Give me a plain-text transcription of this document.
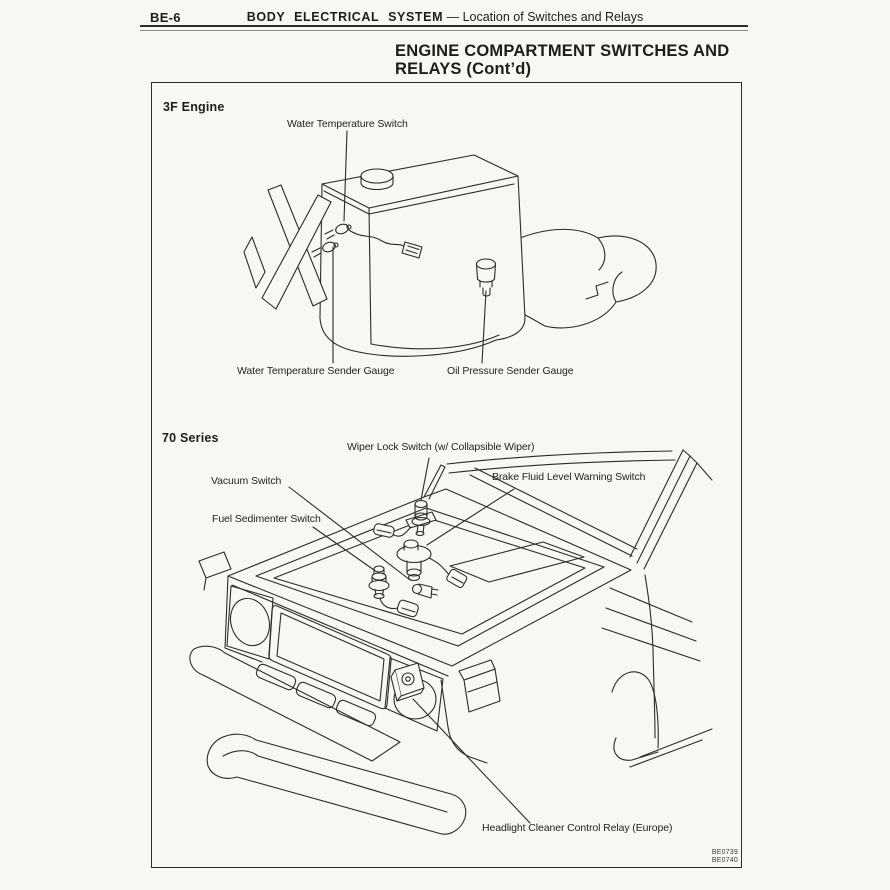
BE-6	BODY ELECTRICAL SYSTEM — Location of Switches and Relays
ENGINE COMPARTMENT SWITCHES AND
RELAYS (Cont’d)
3F Engine
70 Series
Water Temperature Switch
Water Temperature Sender Gauge	Oil Pressure Sender Gauge
Wiper Lock Switch (w/ Collapsible Wiper)
Vacuum Switch	Brake Fluid Level Warning Switch
Fuel Sedimenter Switch
Headlight Cleaner Control Relay (Europe)
BE0739
BE0740
